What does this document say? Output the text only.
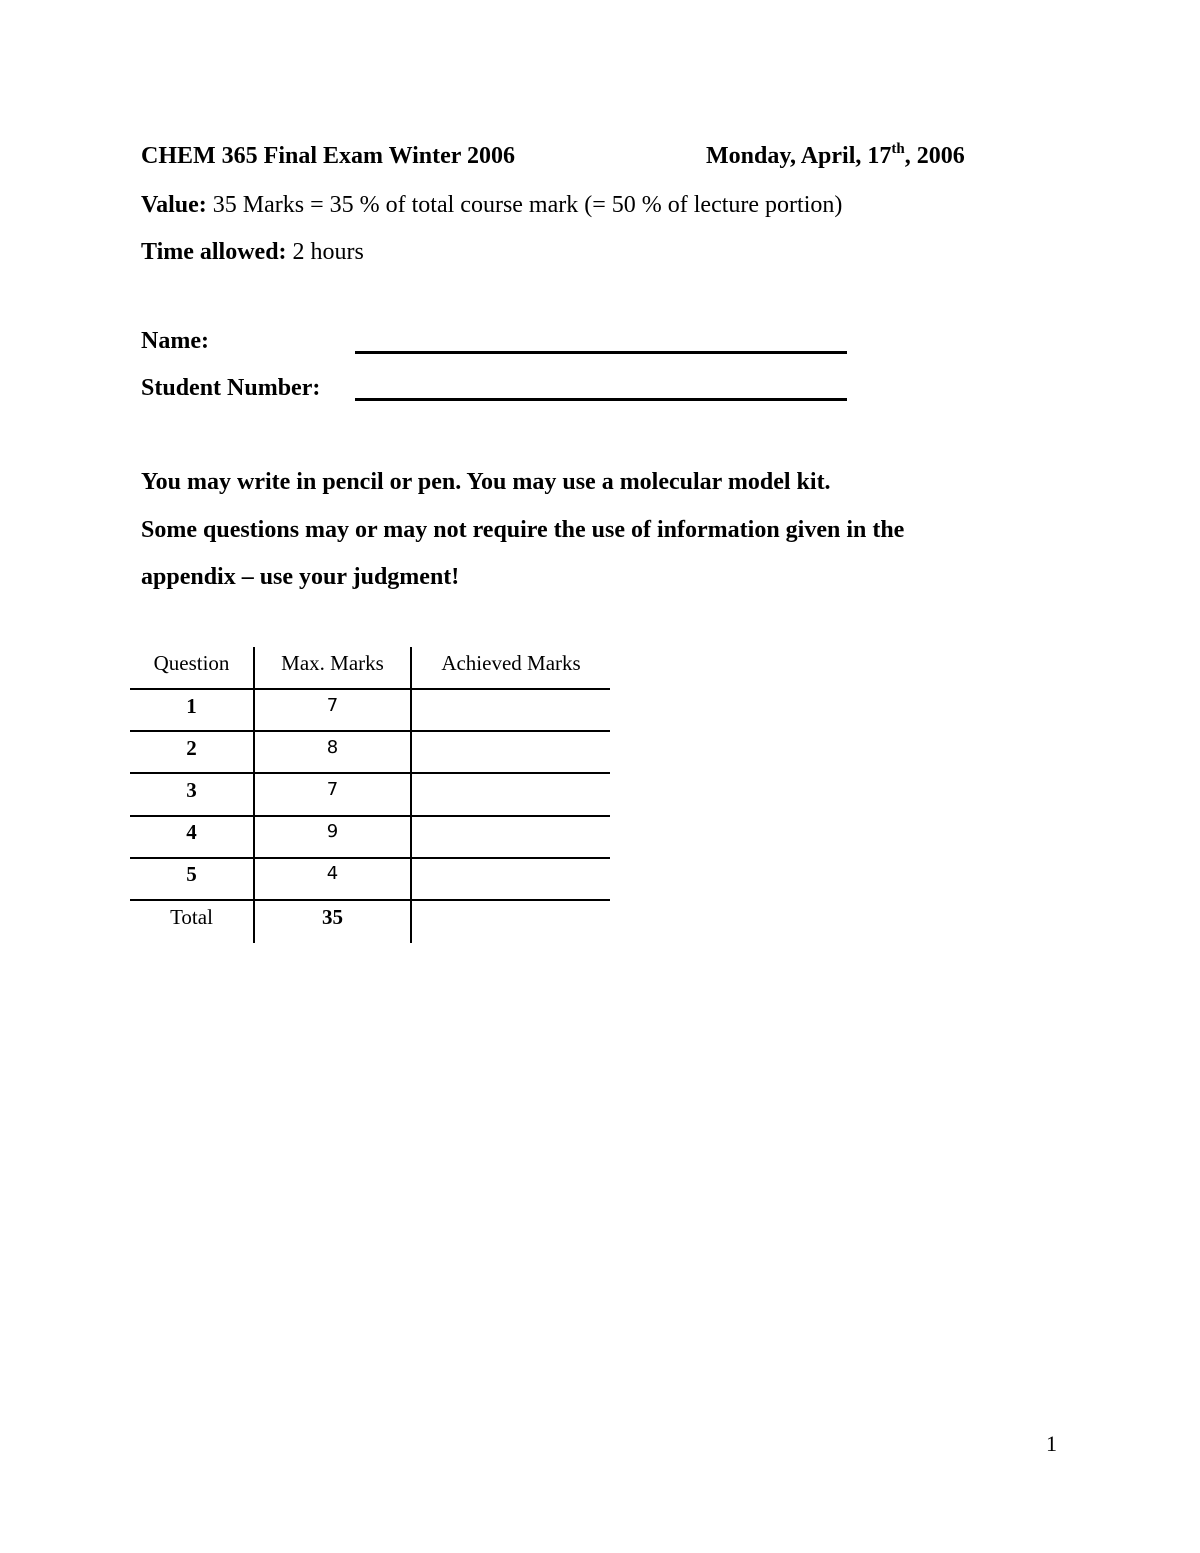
CHEM 365 Final Exam Winter 2006	Monday, April, 17th, 2006
Value: 35 Marks = 35 % of total course mark (= 50 % of lecture portion)
Time allowed: 2 hours
Name:
Student Number:
You may write in pencil or pen. You may use a molecular model kit.
Some questions may or may not require the use of information given in the
appendix – use your judgment!
Question	Max. Marks	Achieved Marks
1	7
2	8
3	7
4	9
5	4
Total	35
1
